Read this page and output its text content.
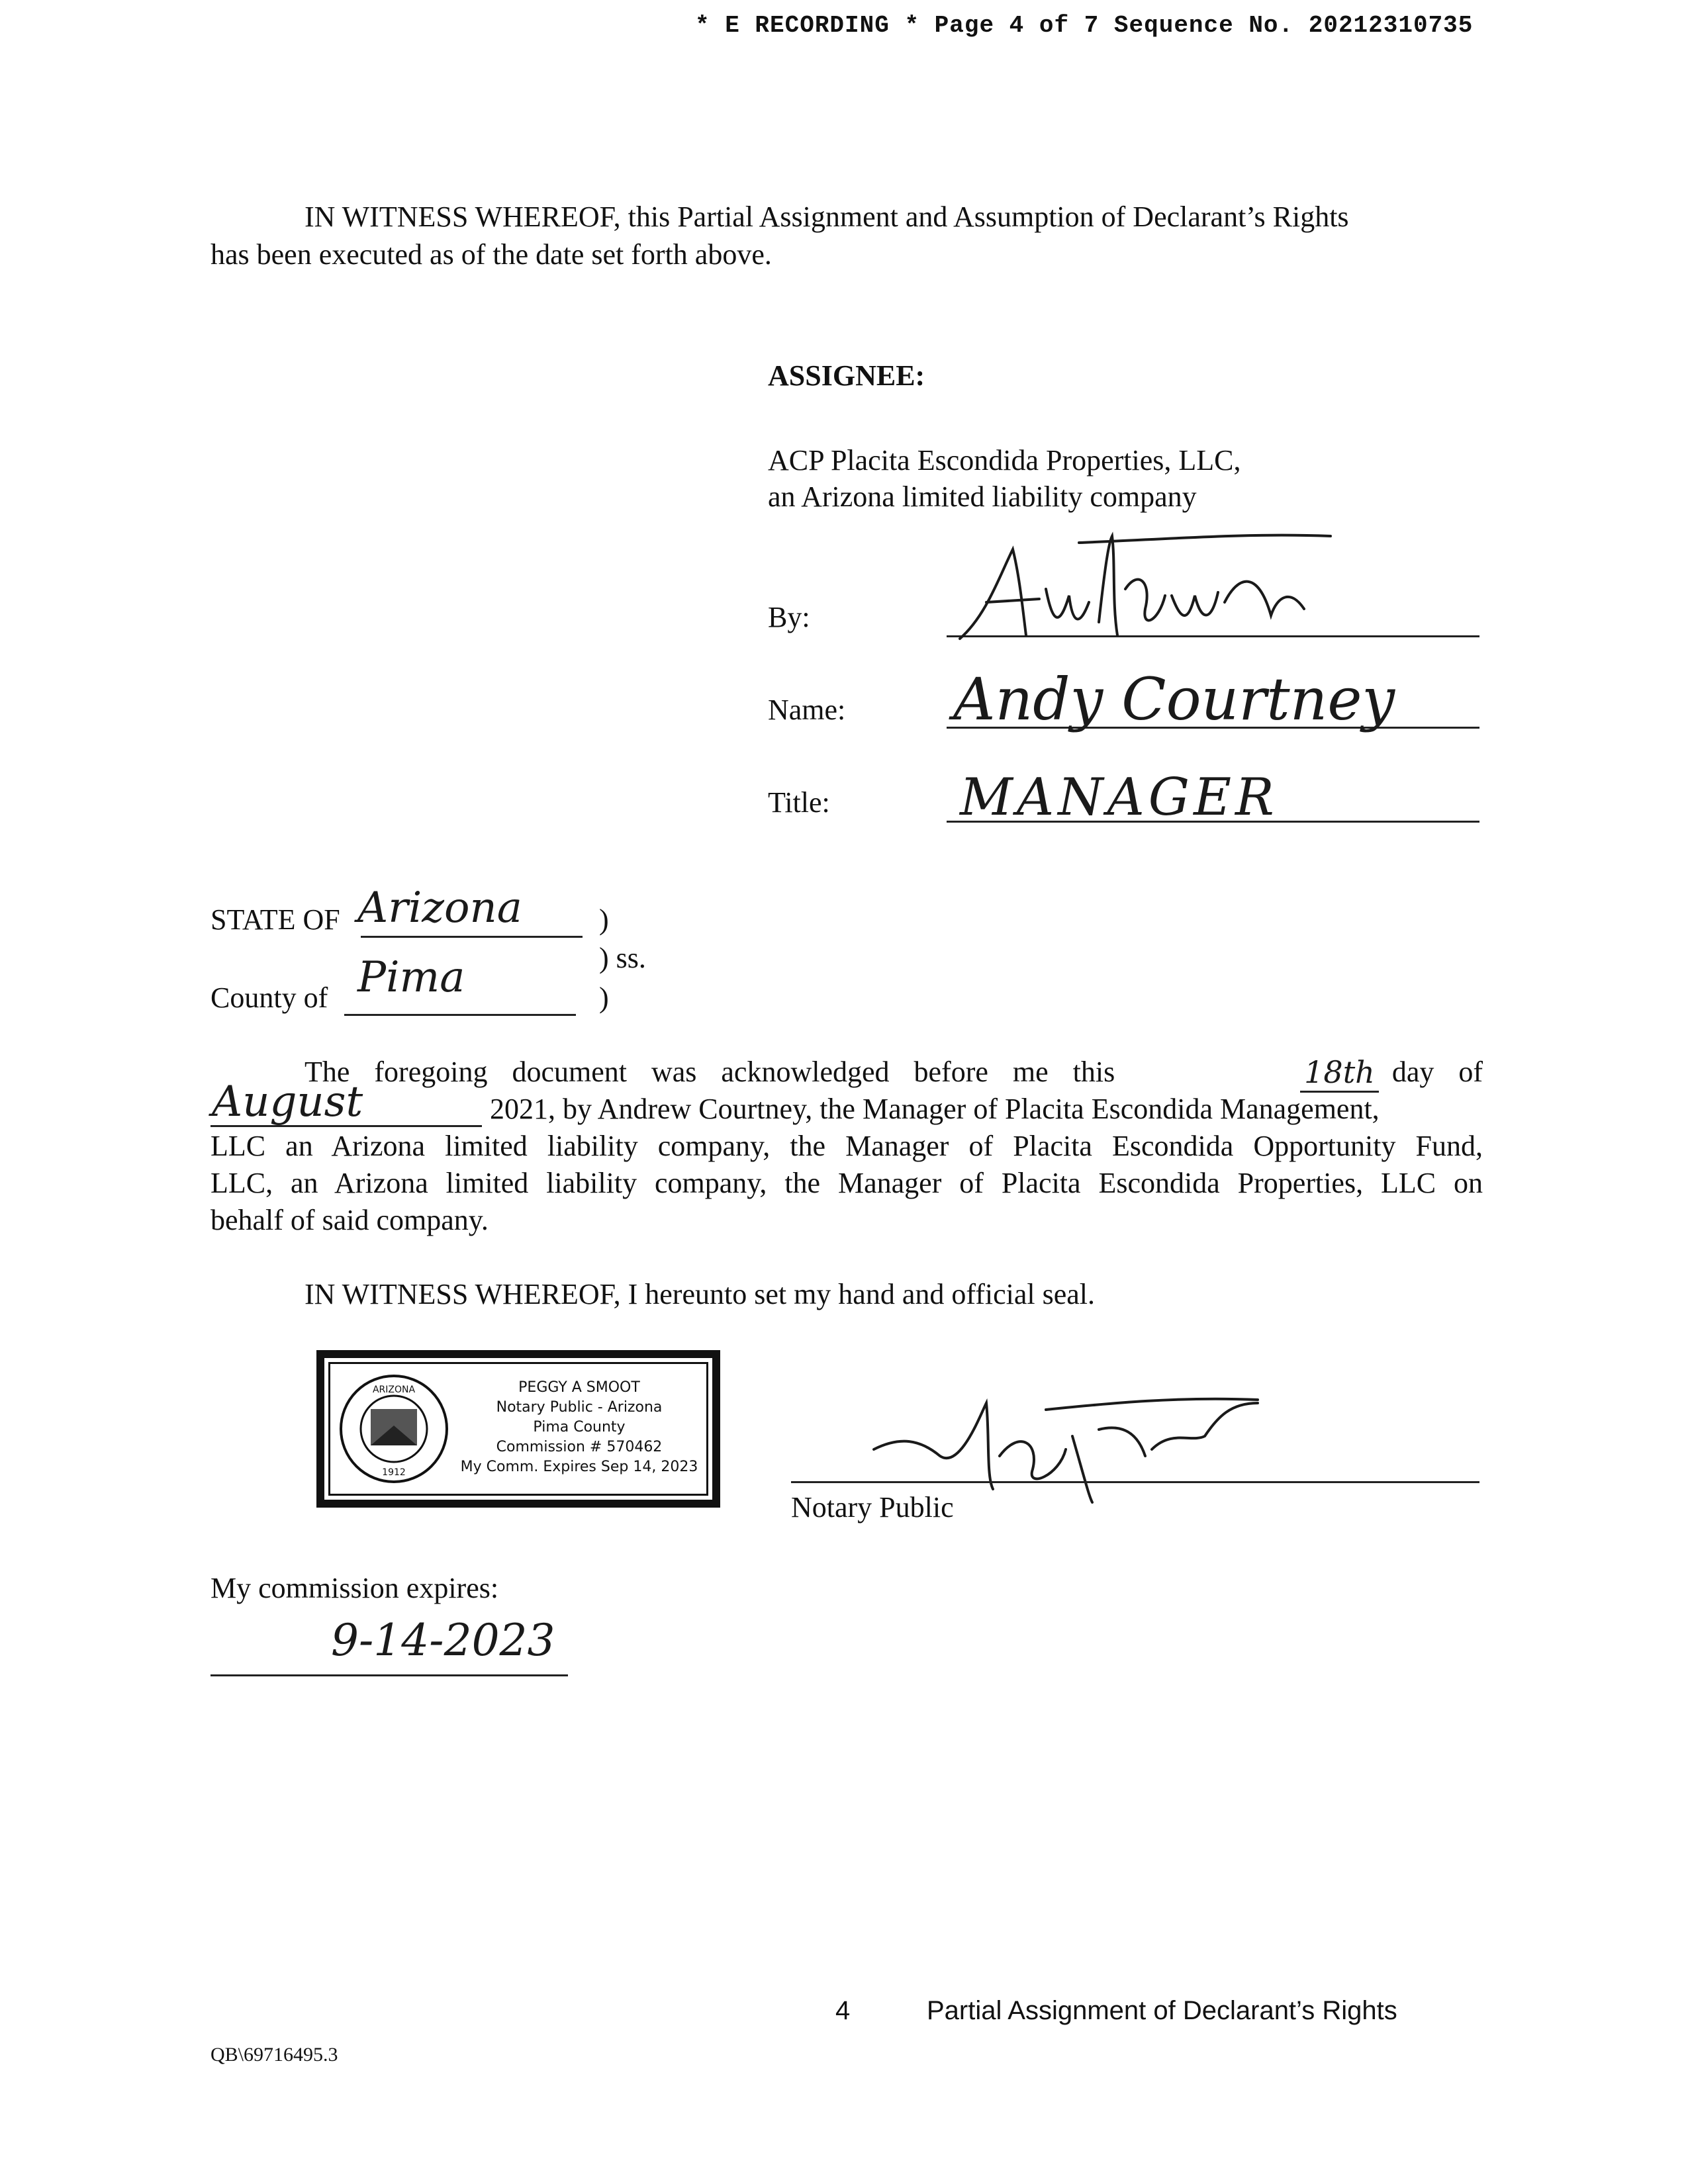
* E RECORDING * Page 4 of 7 Sequence No. 20212310735
IN WITNESS WHEREOF, this Partial Assignment and Assumption of Declarant’s Rights
has been executed as of the date set forth above.
ASSIGNEE:
ACP Placita Escondida Properties, LLC,
an Arizona limited liability company
By:
Name: Andy Courtney
Title:	MANAGER
STATE OF Arizona	)
) ss.
County of Pima	)
The foregoing document was acknowledged before me this	18th day of
August	2021, by Andrew Courtney, the Manager of Placita Escondida Management,
LLC an Arizona limited liability company, the Manager of Placita Escondida Opportunity Fund,
LLC, an Arizona limited liability company, the Manager of Placita Escondida Properties, LLC on
behalf of said company.
IN WITNESS WHEREOF, I hereunto set my hand and official seal.
ARIZONA
1912
PEGGY A SMOOT
Notary Public - Arizona
Pima County
Commission # 570462
My Comm. Expires Sep 14, 2023
Notary Public
My commission expires:
9-14-2023
4	Partial Assignment of Declarant’s Rights
QB\69716495.3
